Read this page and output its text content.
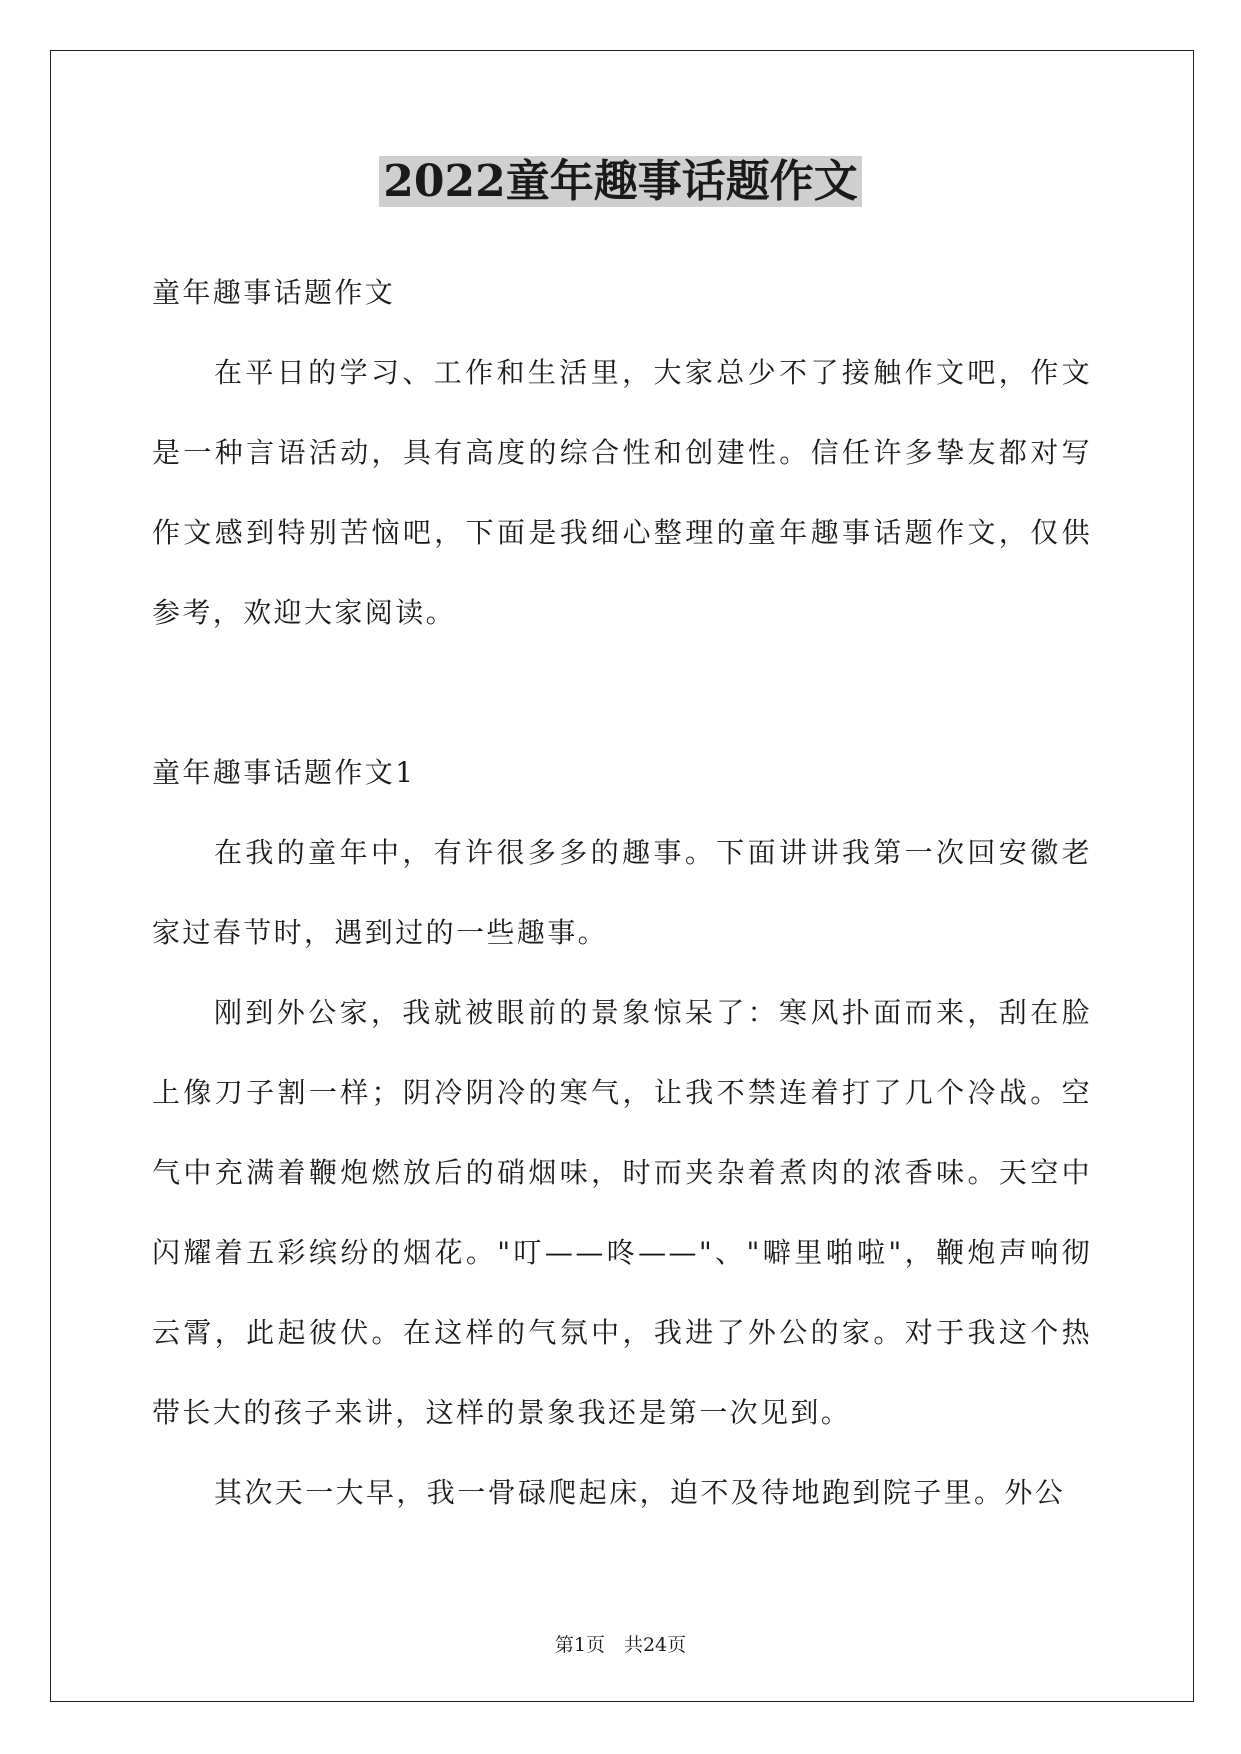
2022童年趣事话题作文

童年趣事话题作文

在平日的学习、工作和生活里，大家总少不了接触作文吧，作文是一种言语活动，具有高度的综合性和创建性。信任许多挚友都对写作文感到特别苦恼吧，下面是我细心整理的童年趣事话题作文，仅供参考，欢迎大家阅读。

童年趣事话题作文1

在我的童年中，有许很多多的趣事。下面讲讲我第一次回安徽老家过春节时，遇到过的一些趣事。

刚到外公家，我就被眼前的景象惊呆了：寒风扑面而来，刮在脸上像刀子割一样；阴冷阴冷的寒气，让我不禁连着打了几个冷战。空气中充满着鞭炮燃放后的硝烟味，时而夹杂着煮肉的浓香味。天空中闪耀着五彩缤纷的烟花。"叮——咚——"、"噼里啪啦"，鞭炮声响彻云霄，此起彼伏。在这样的气氛中，我进了外公的家。对于我这个热带长大的孩子来讲，这样的景象我还是第一次见到。

其次天一大早，我一骨碌爬起床，迫不及待地跑到院子里。外公

第1页　共24页
